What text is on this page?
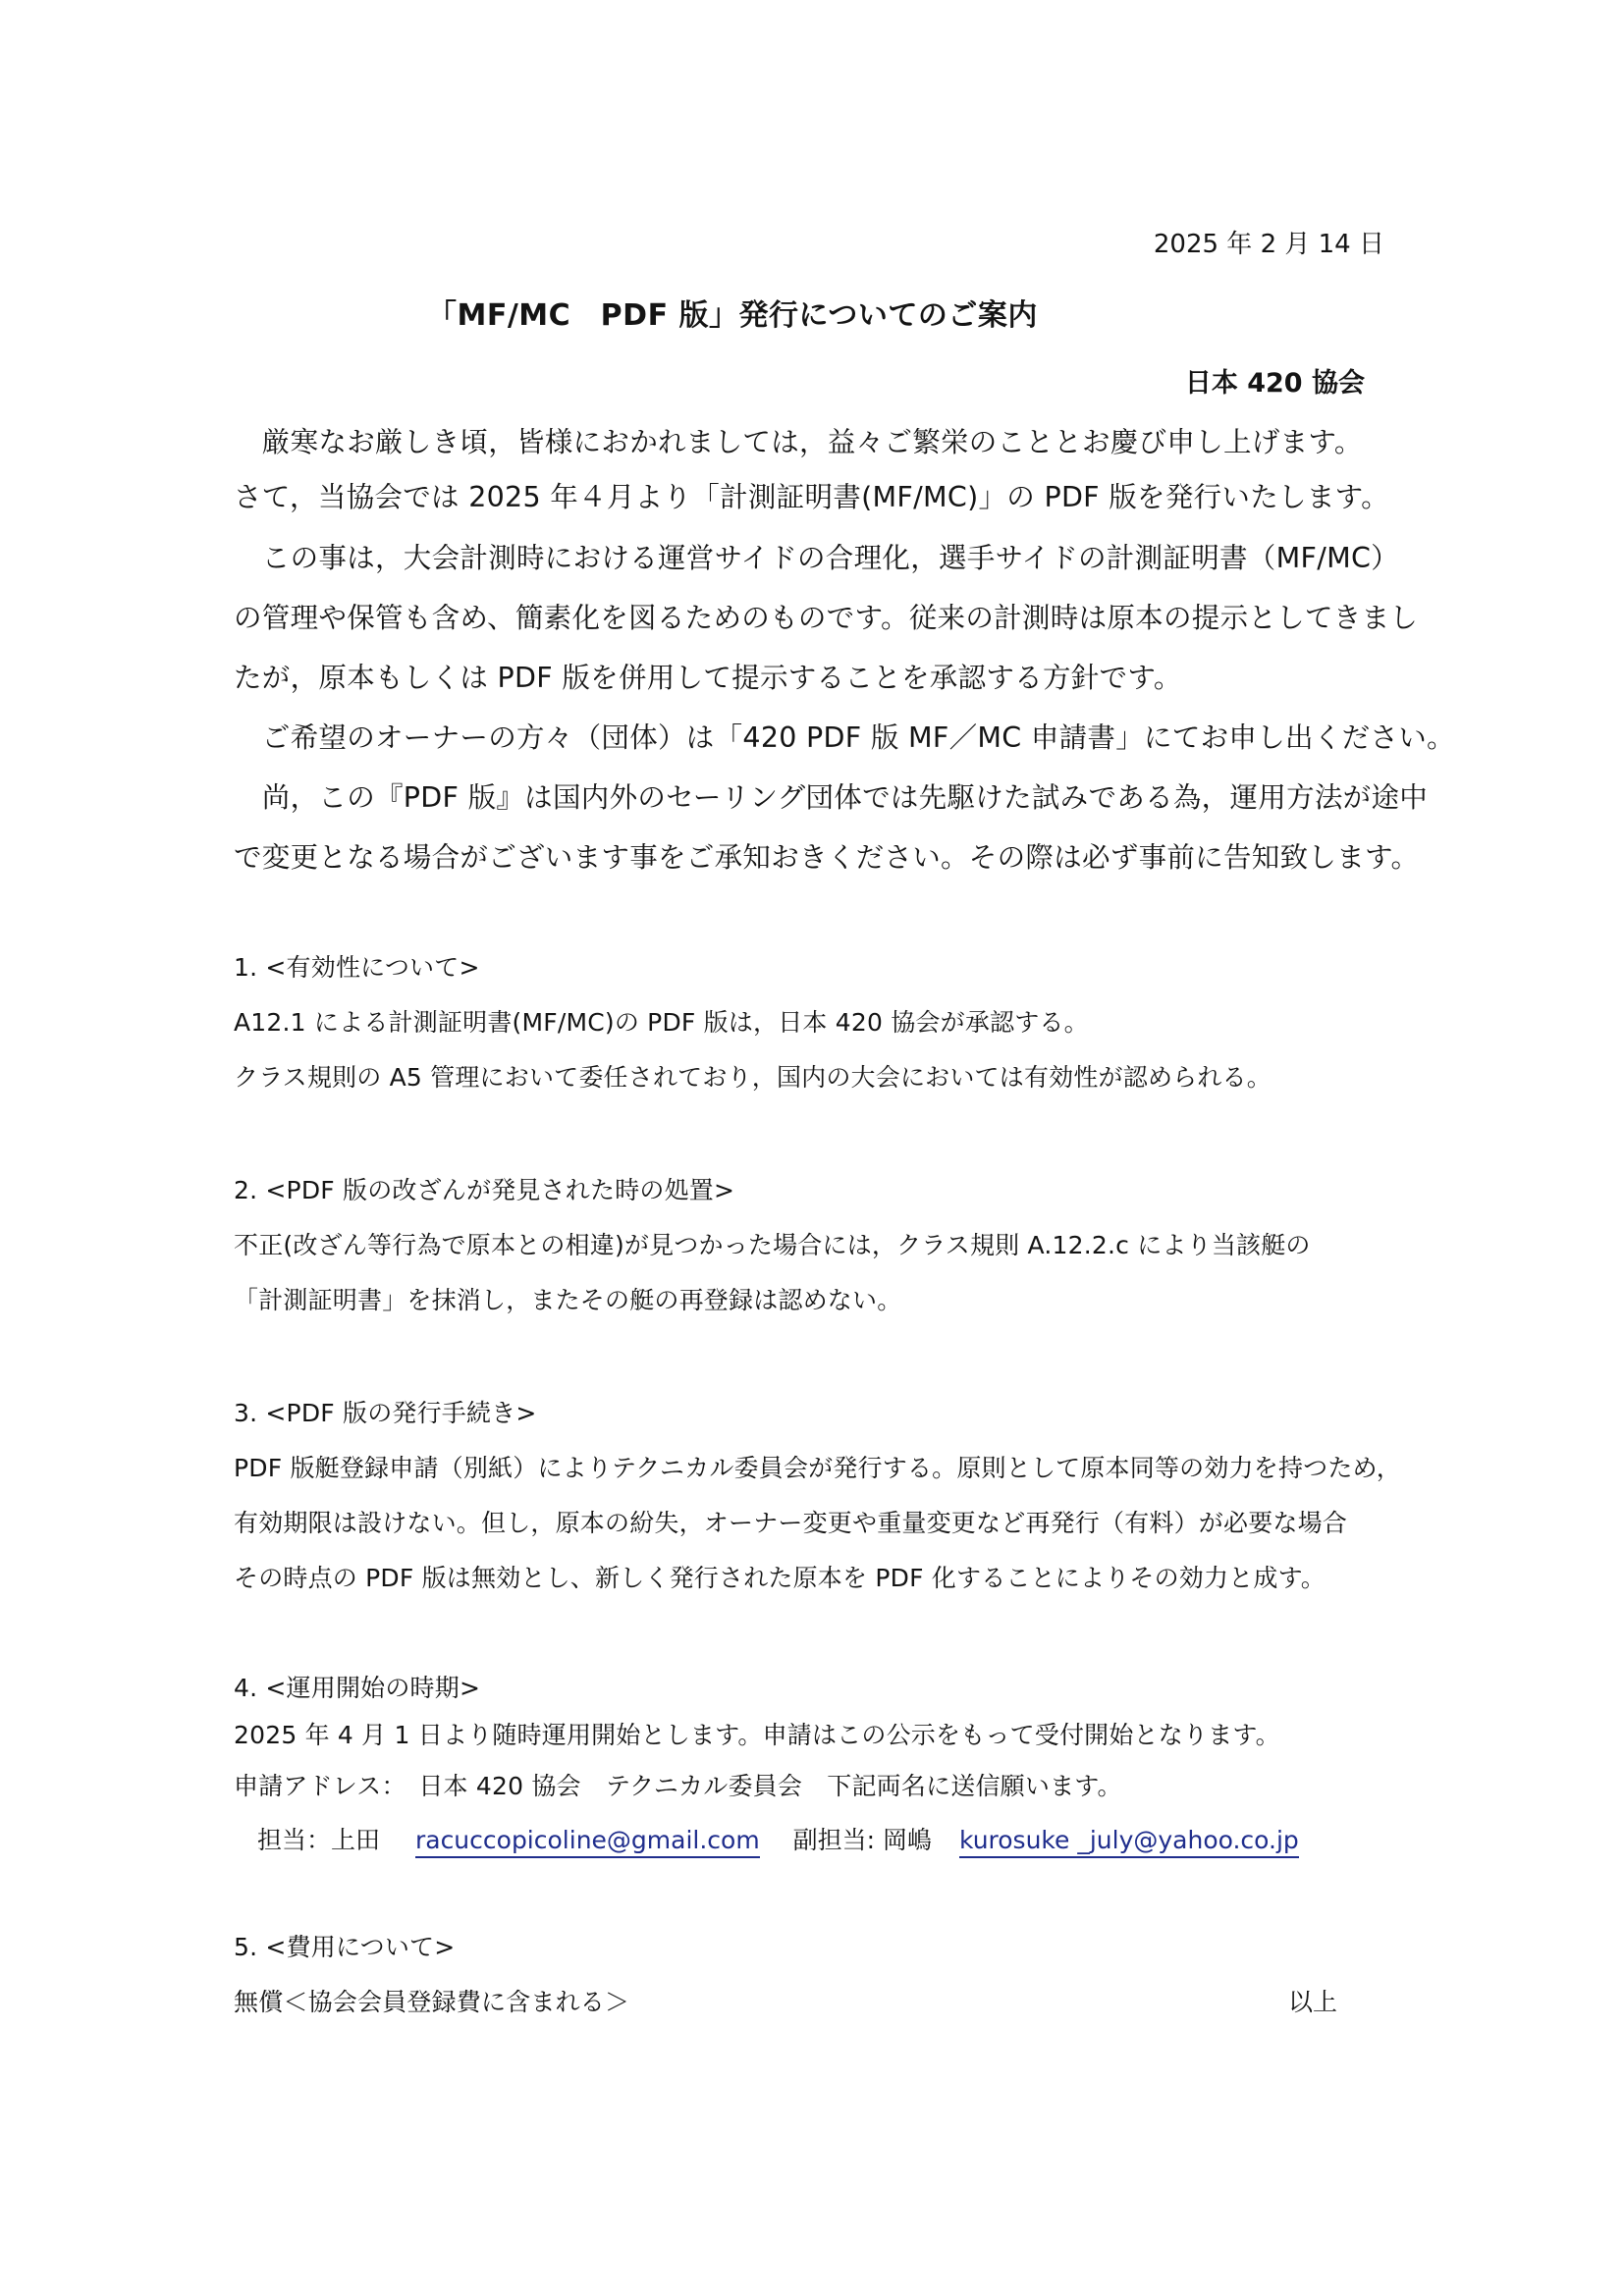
2025 年 2 月 14 日
「MF/MC　PDF 版」発行についてのご案内
日本 420 協会
　厳寒なお厳しき頃，皆様におかれましては，益々ご繁栄のこととお慶び申し上げます。
さて，当協会では 2025 年４月より「計測証明書(MF/MC)」の PDF 版を発行いたします。
　この事は，大会計測時における運営サイドの合理化，選手サイドの計測証明書（MF/MC）
の管理や保管も含め、簡素化を図るためのものです。従来の計測時は原本の提示としてきまし
たが，原本もしくは PDF 版を併用して提示することを承認する方針です。
　ご希望のオーナーの方々（団体）は「420 PDF 版 MF／MC 申請書」にてお申し出ください。
　尚，この『PDF 版』は国内外のセーリング団体では先駆けた試みである為，運用方法が途中
で変更となる場合がございます事をご承知おきください。その際は必ず事前に告知致します。
1. <有効性について>
A12.1 による計測証明書(MF/MC)の PDF 版は，日本 420 協会が承認する。
クラス規則の A5 管理において委任されており，国内の大会においては有効性が認められる。
2. <PDF 版の改ざんが発見された時の処置>
不正(改ざん等行為で原本との相違)が見つかった場合には，クラス規則 A.12.2.c により当該艇の
「計測証明書」を抹消し，またその艇の再登録は認めない。
3. <PDF 版の発行手続き>
PDF 版艇登録申請（別紙）によりテクニカル委員会が発行する。原則として原本同等の効力を持つため，
有効期限は設けない。但し，原本の紛失，オーナー変更や重量変更など再発行（有料）が必要な場合
その時点の PDF 版は無効とし、新しく発行された原本を PDF 化することによりその効力と成す。
4. <運用開始の時期>
2025 年 4 月 1 日より随時運用開始とします。申請はこの公示をもって受付開始となります。
申請アドレス：　日本 420 協会　テクニカル委員会　下記両名に送信願います。
担当：上田 racuccopicoline@gmail.com 副担当: 岡嶋 kurosuke _july@yahoo.co.jp
5. <費用について>
無償＜協会会員登録費に含まれる＞	以上
